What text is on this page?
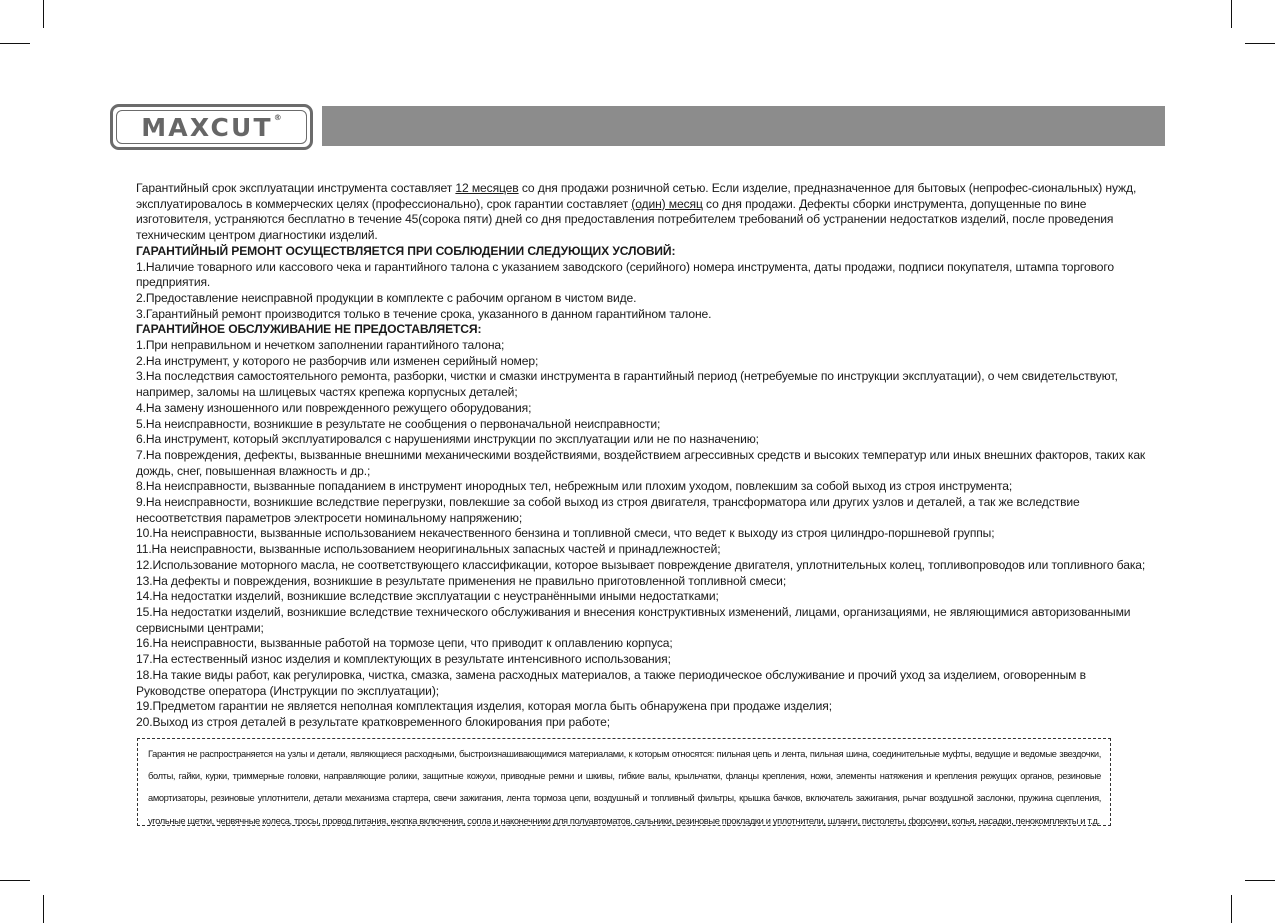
MAXCUT®

Гарантийный срок эксплуатации инструмента составляет 12 месяцев со дня продажи розничной сетью. Если изделие, предназначенное для бытовых (непрофес-сиональных) нужд, эксплуатировалось в коммерческих целях (профессионально), срок гарантии составляет (один) месяц со дня продажи. Дефекты сборки инструмента, допущенные по вине изготовителя, устраняются бесплатно в течение 45(сорока пяти) дней со дня предоставления потребителем требований об устранении недостатков изделий, после проведения техническим центром диагностики изделий.

ГАРАНТИЙНЫЙ РЕМОНТ ОСУЩЕСТВЛЯЕТСЯ ПРИ СОБЛЮДЕНИИ СЛЕДУЮЩИХ УСЛОВИЙ:

1.Наличие товарного или кассового чека и гарантийного талона с указанием заводского (серийного) номера инструмента, даты продажи, подписи покупателя, штампа торгового предприятия.

2.Предоставление неисправной продукции в комплекте с рабочим органом в чистом виде.

3.Гарантийный ремонт производится только в течение срока, указанного в данном гарантийном талоне.

ГАРАНТИЙНОЕ ОБСЛУЖИВАНИЕ НЕ ПРЕДОСТАВЛЯЕТСЯ:

1.При неправильном и нечетком заполнении гарантийного талона;

2.На инструмент, у которого не разборчив или изменен серийный номер;

3.На последствия самостоятельного ремонта, разборки, чистки и смазки инструмента в гарантийный период (нетребуемые по инструкции эксплуатации), о чем свидетельствуют, например, заломы на шлицевых частях крепежа корпусных деталей;

4.На замену изношенного или поврежденного режущего оборудования;

5.На неисправности, возникшие в результате не сообщения о первоначальной неисправности;

6.На инструмент, который эксплуатировался с нарушениями инструкции по эксплуатации или не по назначению;

7.На повреждения, дефекты, вызванные внешними механическими воздействиями, воздействием агрессивных средств и высоких температур или иных внешних факторов, таких как дождь, снег, повышенная влажность и др.;

8.На неисправности, вызванные попаданием в инструмент инородных тел, небрежным или плохим уходом, повлекшим за собой выход из строя инструмента;

9.На неисправности, возникшие вследствие перегрузки, повлекшие за собой выход из строя двигателя, трансформатора или других узлов и деталей, а так же вследствие несоответствия параметров электросети номинальному напряжению;

10.На неисправности, вызванные использованием некачественного бензина и топливной смеси, что ведет к выходу из строя цилиндро-поршневой группы;

11.На неисправности, вызванные использованием неоригинальных запасных частей и принадлежностей;

12.Использование моторного масла, не соответствующего классификации, которое вызывает повреждение двигателя, уплотнительных колец, топливопроводов или топливного бака;

13.На дефекты и повреждения, возникшие в результате применения не правильно приготовленной топливной смеси;

14.На недостатки изделий, возникшие вследствие эксплуатации с неустранёнными иными недостатками;

15.На недостатки изделий, возникшие вследствие технического обслуживания и внесения конструктивных изменений, лицами, организациями, не являющимися авторизованными сервисными центрами;

16.На неисправности, вызванные работой на тормозе цепи, что приводит к оплавлению корпуса;

17.На естественный износ изделия и комплектующих в результате интенсивного использования;

18.На такие виды работ, как регулировка, чистка, смазка, замена расходных материалов, а также периодическое обслуживание и прочий уход за изделием, оговоренным в Руководстве оператора (Инструкции по эксплуатации);

19.Предметом гарантии не является неполная комплектация изделия, которая могла быть обнаружена при продаже изделия;

20.Выход из строя деталей в результате кратковременного блокирования при работе;

Гарантия не распространяется на узлы и детали, являющиеся расходными, быстроизнашивающимися материалами, к которым относятся: пильная цепь и лента, пильная шина, соединительные муфты, ведущие и ведомые звездочки, болты, гайки, курки, триммерные головки, направляющие ролики, защитные кожухи, приводные ремни и шкивы, гибкие валы, крыльчатки, фланцы крепления, ножи, элементы натяжения и крепления режущих органов, резиновые амортизаторы, резиновые уплотнители, детали механизма стартера, свечи зажигания, лента тормоза цепи, воздушный и топливный фильтры, крышка бачков, включатель зажигания, рычаг воздушной заслонки, пружина сцепления, угольные щетки, червячные колеса, тросы, провод питания, кнопка включения, сопла и наконечники для полуавтоматов, сальники, резиновые прокладки и уплотнители, шланги, пистолеты, форсунки, копья, насадки, пенокомплекты и т.д.
